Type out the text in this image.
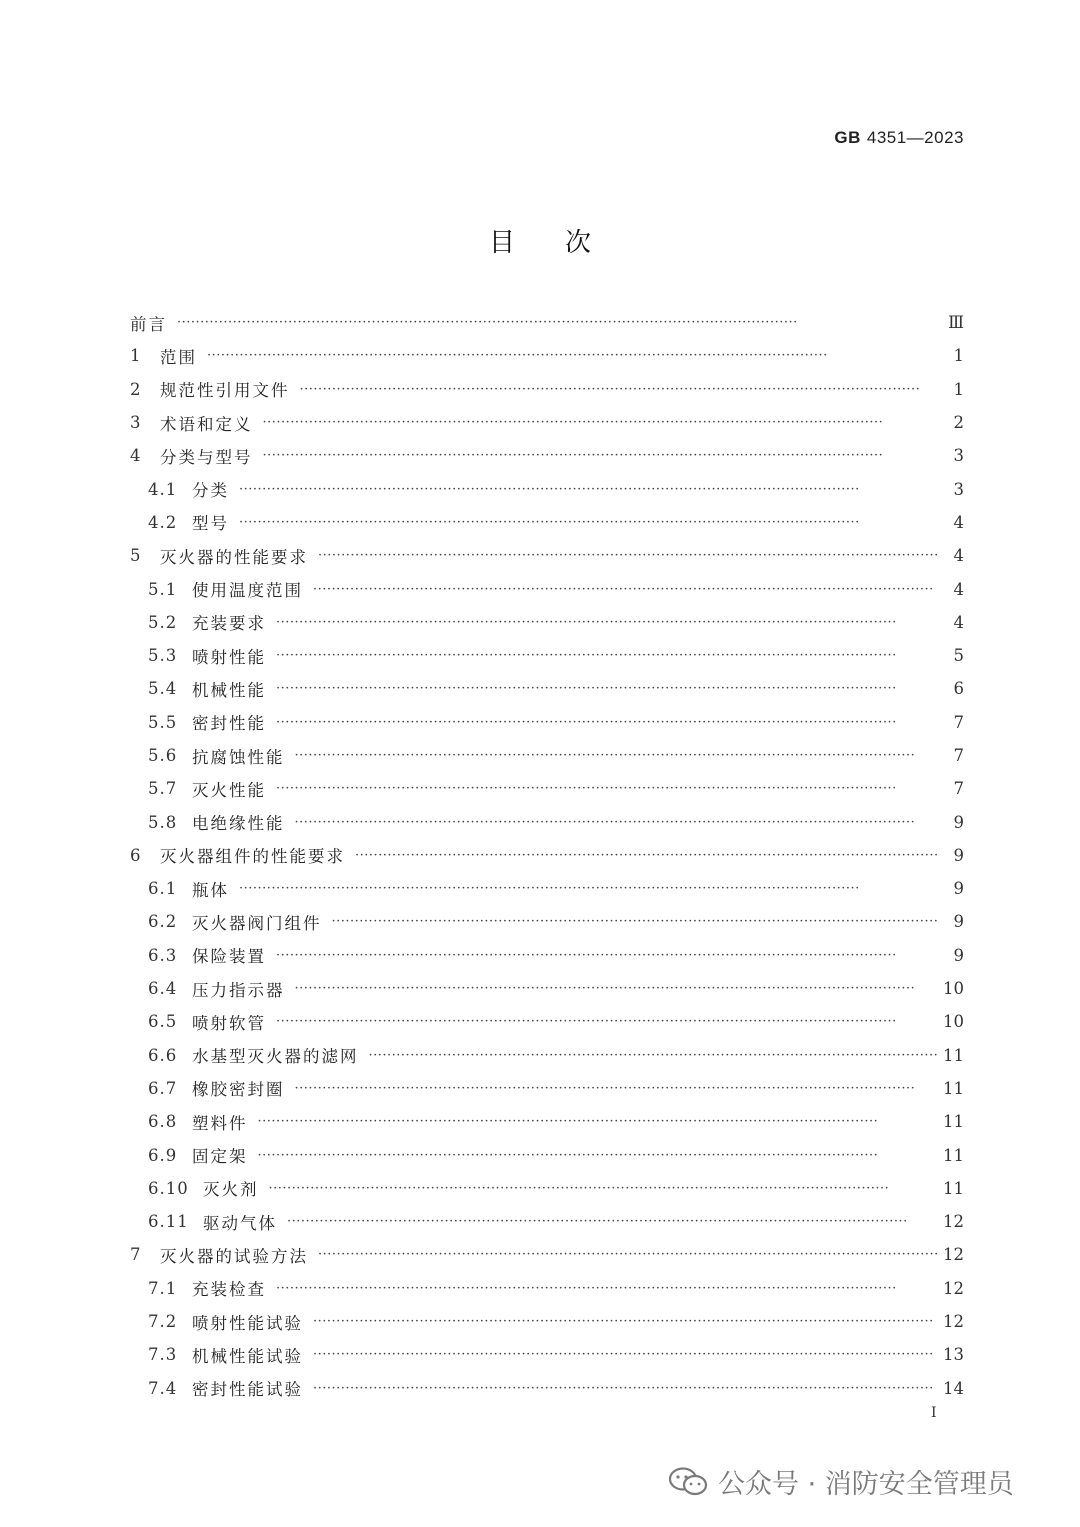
GB 4351—2023
目次
前言 ·····	Ⅲ
1	范围 ·····	1
2	规范性引用文件 ·····	1
3	术语和定义 ·····	2
4	分类与型号 ·····	3
4.1 分类 ·····	3
4.2 型号 ·····	4
5	灭火器的性能要求 ·····	4
5.1 使用温度范围 ·····	4
5.2 充装要求 ·····	4
5.3 喷射性能 ·····	5
5.4 机械性能 ·····	6
5.5 密封性能 ·····	7
5.6 抗腐蚀性能 ·····	7
5.7 灭火性能 ·····	7
5.8 电绝缘性能 ·····	9
6	灭火器组件的性能要求 ·····	9
6.1 瓶体 ·····	9
6.2 灭火器阀门组件 ·····	9
6.3 保险装置 ·····	9
6.4 压力指示器 ·····	10
6.5 喷射软管 ·····	10
6.6 水基型灭火器的滤网 ·····	11
6.7 橡胶密封圈 ·····	11
6.8 塑料件 ·····	11
6.9 固定架 ·····	11
6.10 灭火剂 ·····	11
6.11 驱动气体 ·····	12
7	灭火器的试验方法 ·····	12
7.1 充装检查 ·····	12
7.2 喷射性能试验 ·····	12
7.3 机械性能试验 ·····	13
7.4 密封性能试验 ·····	14
Ⅰ
公众号 · 消防安全管理员
